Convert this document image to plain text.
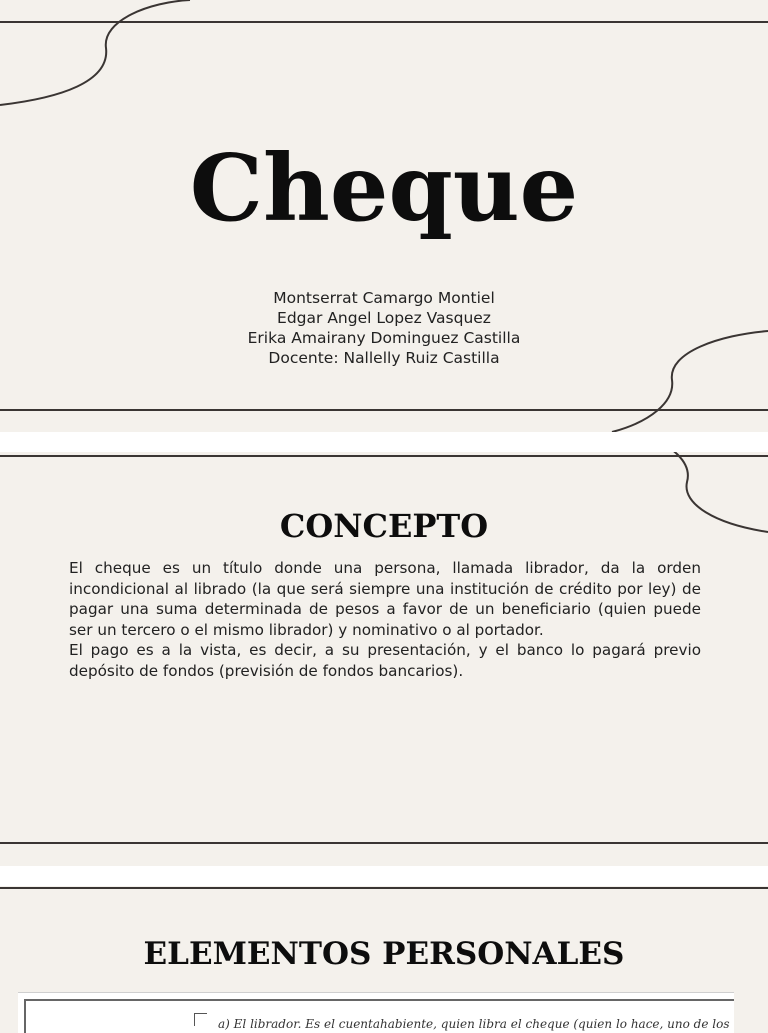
Cheque
Montserrat Camargo Montiel
Edgar Angel Lopez Vasquez
Erika Amairany Dominguez Castilla
Docente: Nallelly Ruiz Castilla
CONCEPTO

El cheque es un título donde una persona, llamada librador, da la orden incondicional al librado (la que será siempre una institución de crédito por ley) de pagar una suma determinada de pesos a favor de un beneficiario (quien puede ser un tercero o el mismo librador) y nominativo o al portador.

El pago es a la vista, es decir, a su presentación, y el banco lo pagará previo depósito de fondos (previsión de fondos bancarios).

ELEMENTOS PERSONALES
a) El librador. Es el cuentahabiente, quien libra el cheque (quien lo hace, uno de los
